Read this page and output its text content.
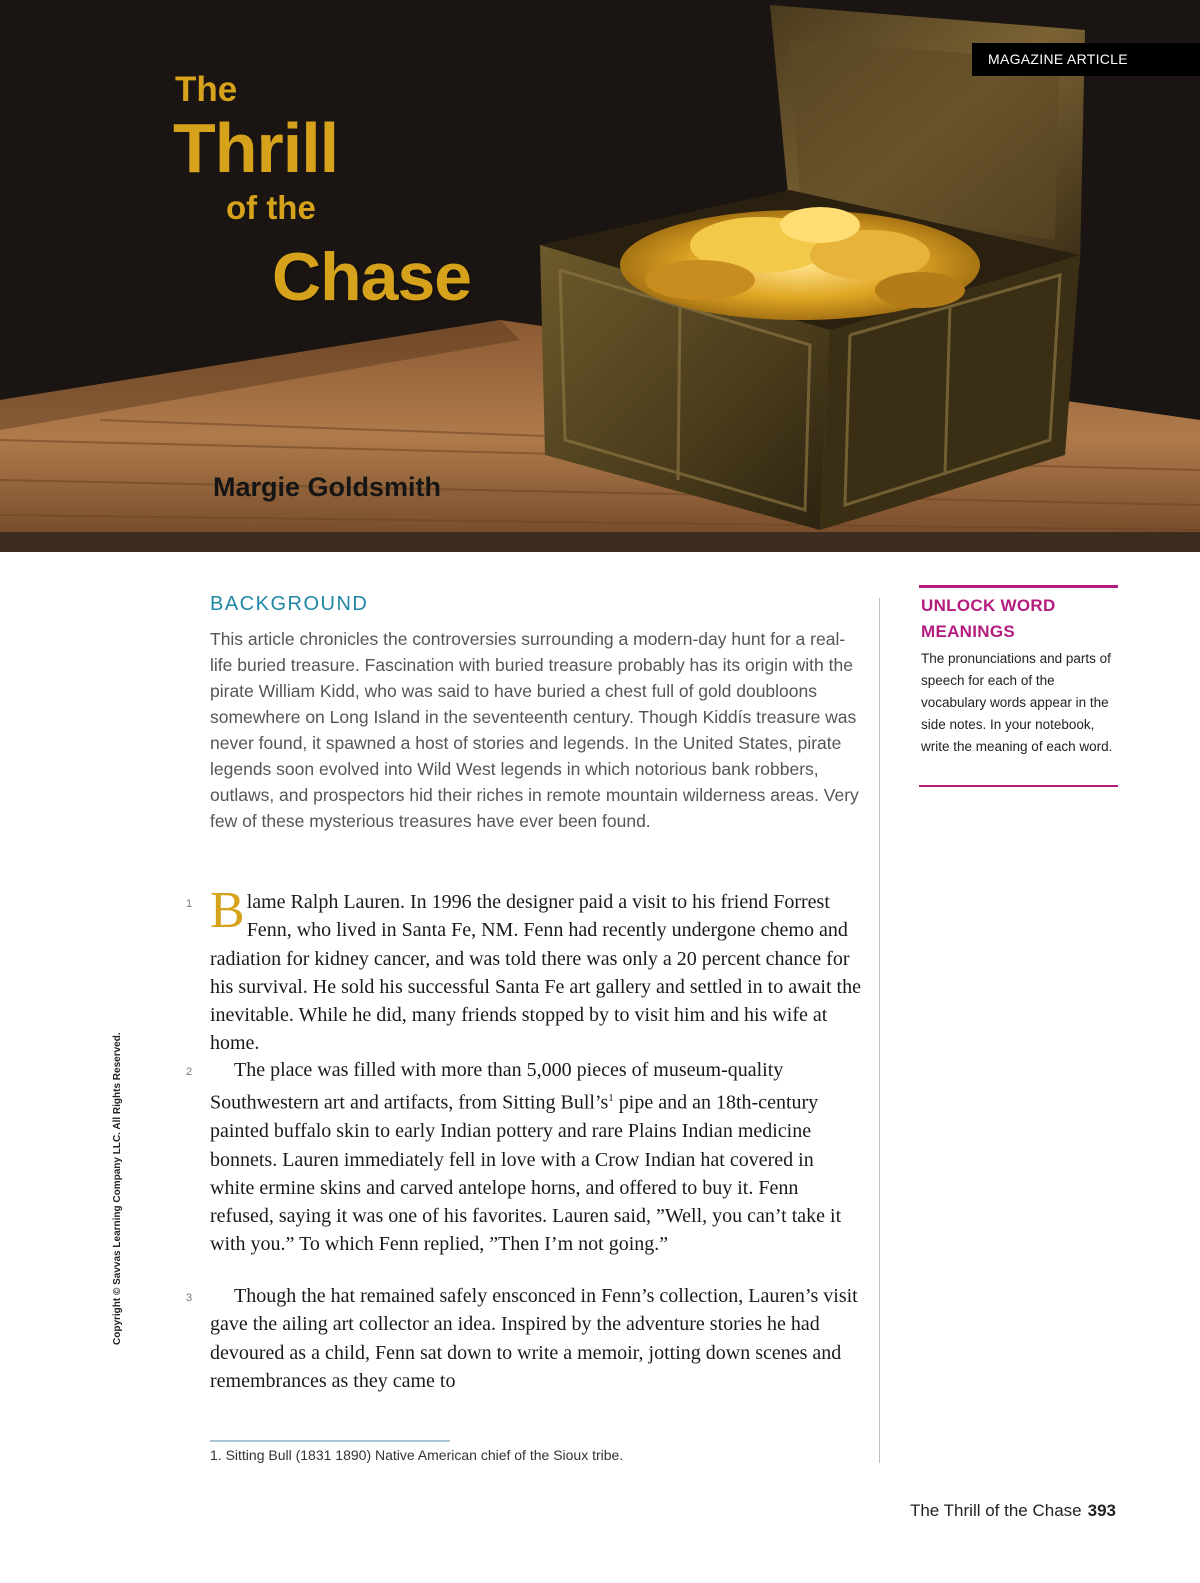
MAGAZINE ARTICLE
The
Thrill
of the
Chase
Margie Goldsmith
BACKGROUND
This article chronicles the controversies surrounding a modern-day hunt for a real-life buried treasure. Fascination with buried treasure probably has its origin with the pirate William Kidd, who was said to have buried a chest full of gold doubloons somewhere on Long Island in the seventeenth century. Though Kiddís treasure was never found, it spawned a host of stories and legends. In the United States, pirate legends soon evolved into Wild West legends in which notorious bank robbers, outlaws, and prospectors hid their riches in remote mountain wilderness areas. Very few of these mysterious treasures have ever been found.
1 Blame Ralph Lauren. In 1996 the designer paid a visit to his friend Forrest Fenn, who lived in Santa Fe, NM. Fenn had recently undergone chemo and radiation for kidney cancer, and was told there was only a 20 percent chance for his survival. He sold his successful Santa Fe art gallery and settled in to await the inevitable. While he did, many friends stopped by to visit him and his wife at home.
2	The place was filled with more than 5,000 pieces of museum-quality Southwestern art and artifacts, from Sitting $Bull’s^1$ pipe and an 18th-century painted buffalo skin to early Indian pottery and rare Plains Indian medicine bonnets. Lauren immediately fell in love with a Crow Indian hat covered in white ermine skins and carved antelope horns, and offered to buy it. Fenn refused, saying it was one of his favorites. Lauren said, ”Well, you can’t take it with you.” To which Fenn replied, ”Then I’m not going.”
3	Though the hat remained safely ensconced in Fenn’s collection, Lauren’s visit gave the ailing art collector an idea. Inspired by the adventure stories he had devoured as a child, Fenn sat down to write a memoir, jotting down scenes and remembrances as they came to
1. Sitting Bull (1831 1890) Native American chief of the Sioux tribe.
UNLOCK WORD MEANINGS
The pronunciations and parts of speech for each of the vocabulary words appear in the side notes. In your notebook, write the meaning of each word.
Copyright © Savvas Learning Company LLC. All Rights Reserved.
The Thrill of the Chase 393
